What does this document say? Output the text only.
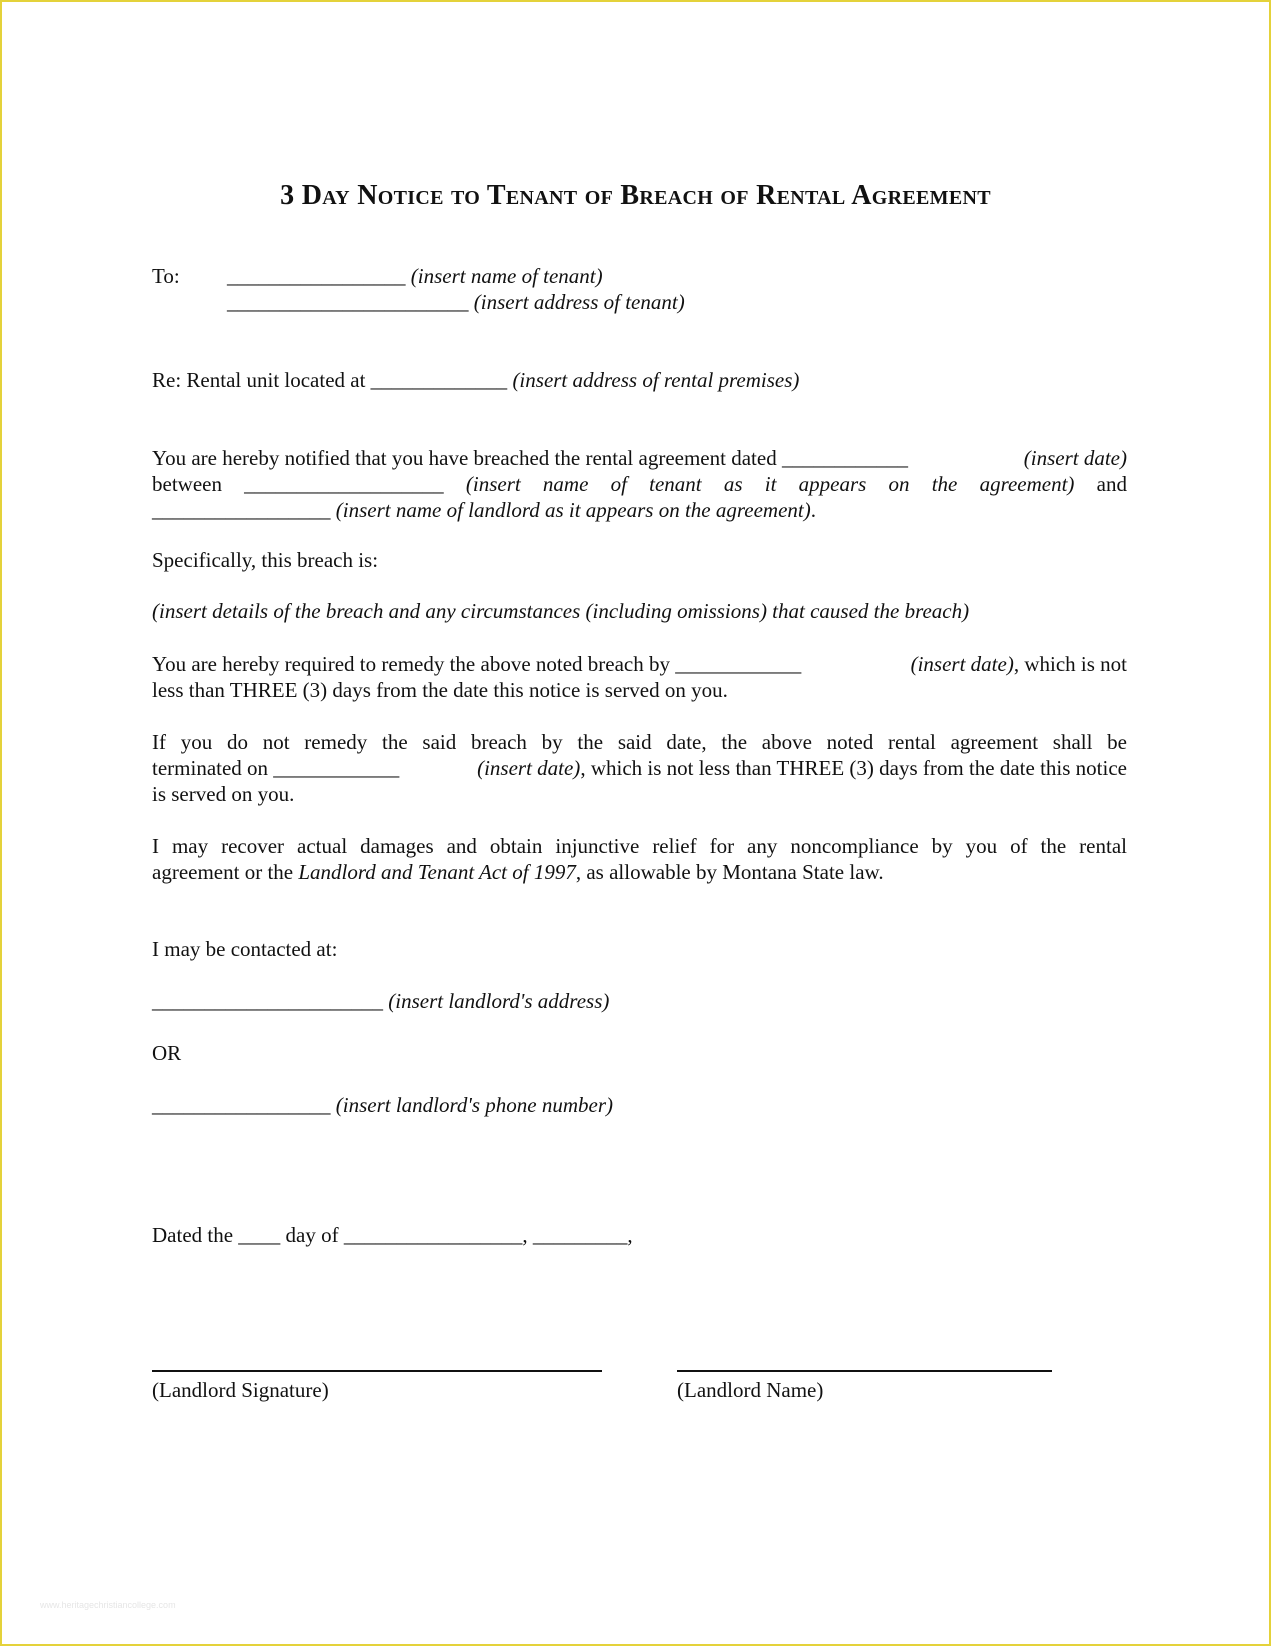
3 Day Notice to Tenant of Breach of Rental Agreement
To: _________________ (insert name of tenant)
_______________________ (insert address of tenant)
Re: Rental unit located at _____________ (insert address of rental premises)
You are hereby notified that you have breached the rental agreement dated ____________	(insert date)
between ___________________ (insert name of tenant as it appears on the agreement) and
_________________ (insert name of landlord as it appears on the agreement).
Specifically, this breach is:
(insert details of the breach and any circumstances (including omissions) that caused the breach)
You are hereby required to remedy the above noted breach by ____________	(insert date), which is not
less than THREE (3) days from the date this notice is served on you.
If you do not remedy the said breach by the said date, the above noted rental agreement shall be
terminated on ____________	(insert date), which is not less than THREE (3) days from the date this notice
is served on you.
I may recover actual damages and obtain injunctive relief for any noncompliance by you of the rental
agreement or the Landlord and Tenant Act of 1997, as allowable by Montana State law.
I may be contacted at:
______________________ (insert landlord's address)
OR
_________________ (insert landlord's phone number)
Dated the ____ day of _________________, _________,
(Landlord Signature)	(Landlord Name)
www.heritagechristiancollege.com
